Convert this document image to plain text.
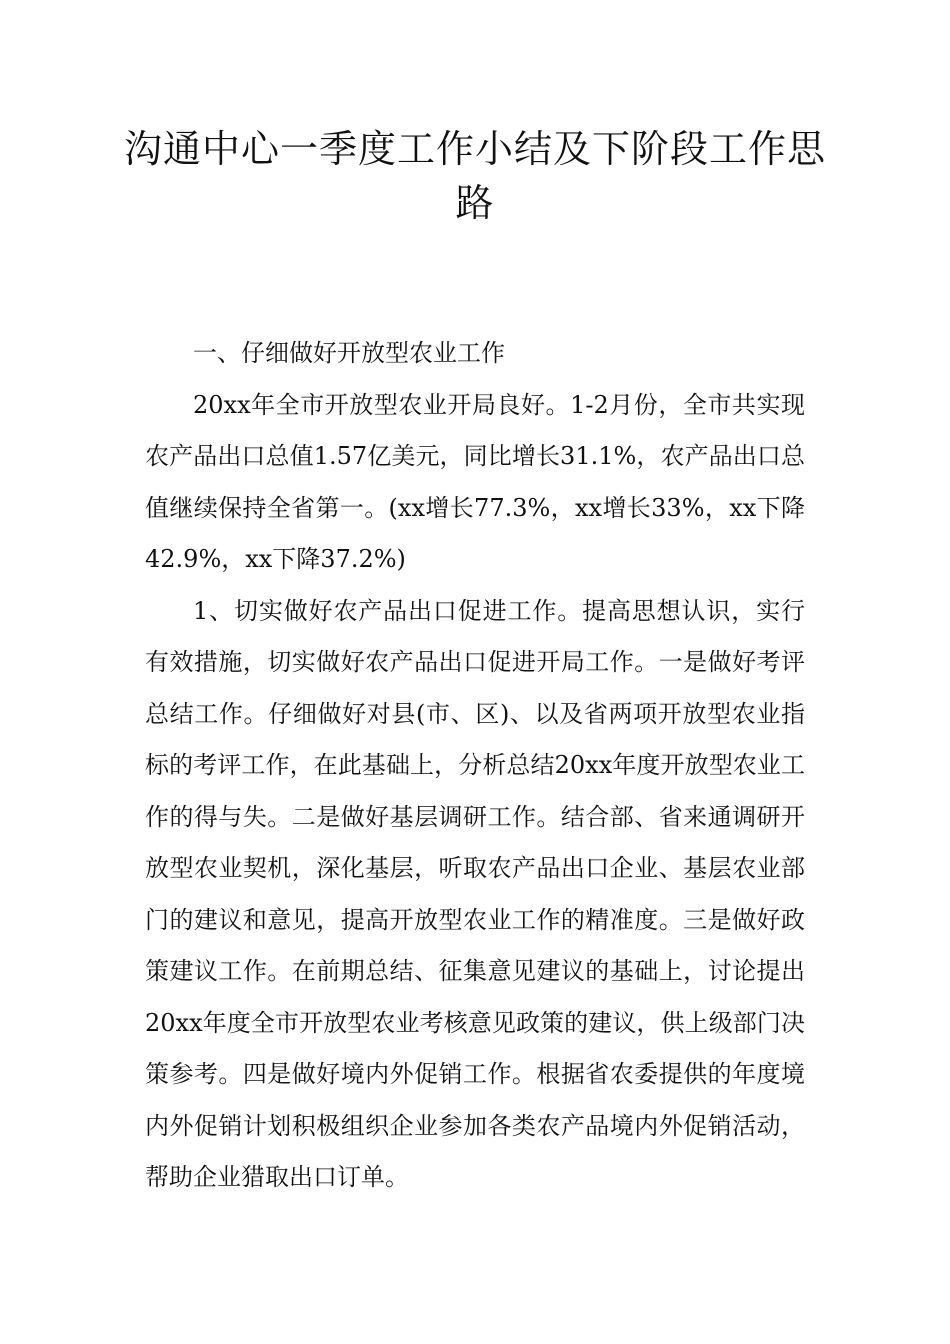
沟通中心一季度工作小结及下阶段工作思路

一、仔细做好开放型农业工作

20xx年全市开放型农业开局良好。1-2月份，全市共实现农产品出口总值1.57亿美元，同比增长31.1%，农产品出口总值继续保持全省第一。(xx增长77.3%，xx增长33%，xx下降42.9%，xx下降37.2%)

1、切实做好农产品出口促进工作。提高思想认识，实行有效措施，切实做好农产品出口促进开局工作。一是做好考评总结工作。仔细做好对县(市、区)、以及省两项开放型农业指标的考评工作，在此基础上，分析总结20xx年度开放型农业工作的得与失。二是做好基层调研工作。结合部、省来通调研开放型农业契机，深化基层，听取农产品出口企业、基层农业部门的建议和意见，提高开放型农业工作的精准度。三是做好政策建议工作。在前期总结、征集意见建议的基础上，讨论提出20xx年度全市开放型农业考核意见政策的建议，供上级部门决策参考。四是做好境内外促销工作。根据省农委提供的年度境内外促销计划积极组织企业参加各类农产品境内外促销活动，帮助企业猎取出口订单。
